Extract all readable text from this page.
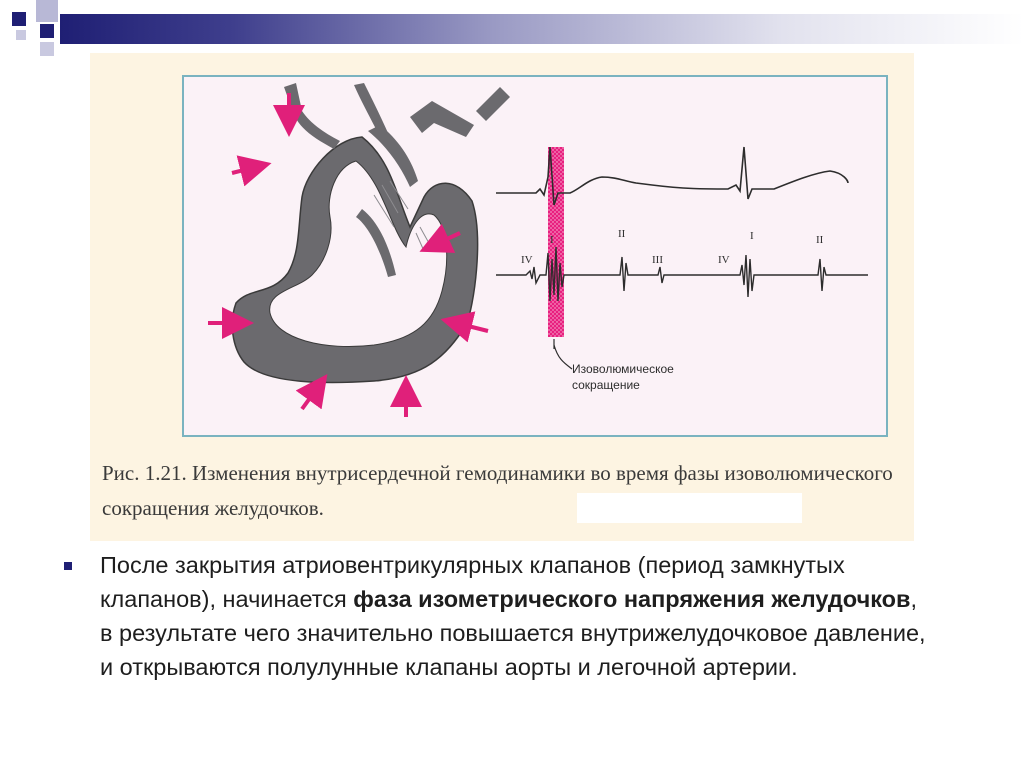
IV
II
III	IV
I	II
I
Изоволюмическое
сокращение

Рис. 1.21. Изменения внутрисердечной гемодинамики во время фазы изоволюмического сокращения желудочков.

После закрытия атриовентрикулярных клапанов (период замкнутых клапанов), начинается фаза изометрического напряжения желудочков, в результате чего значительно повышается внутрижелудочковое давление, и открываются полулунные клапаны аорты и легочной артерии.
